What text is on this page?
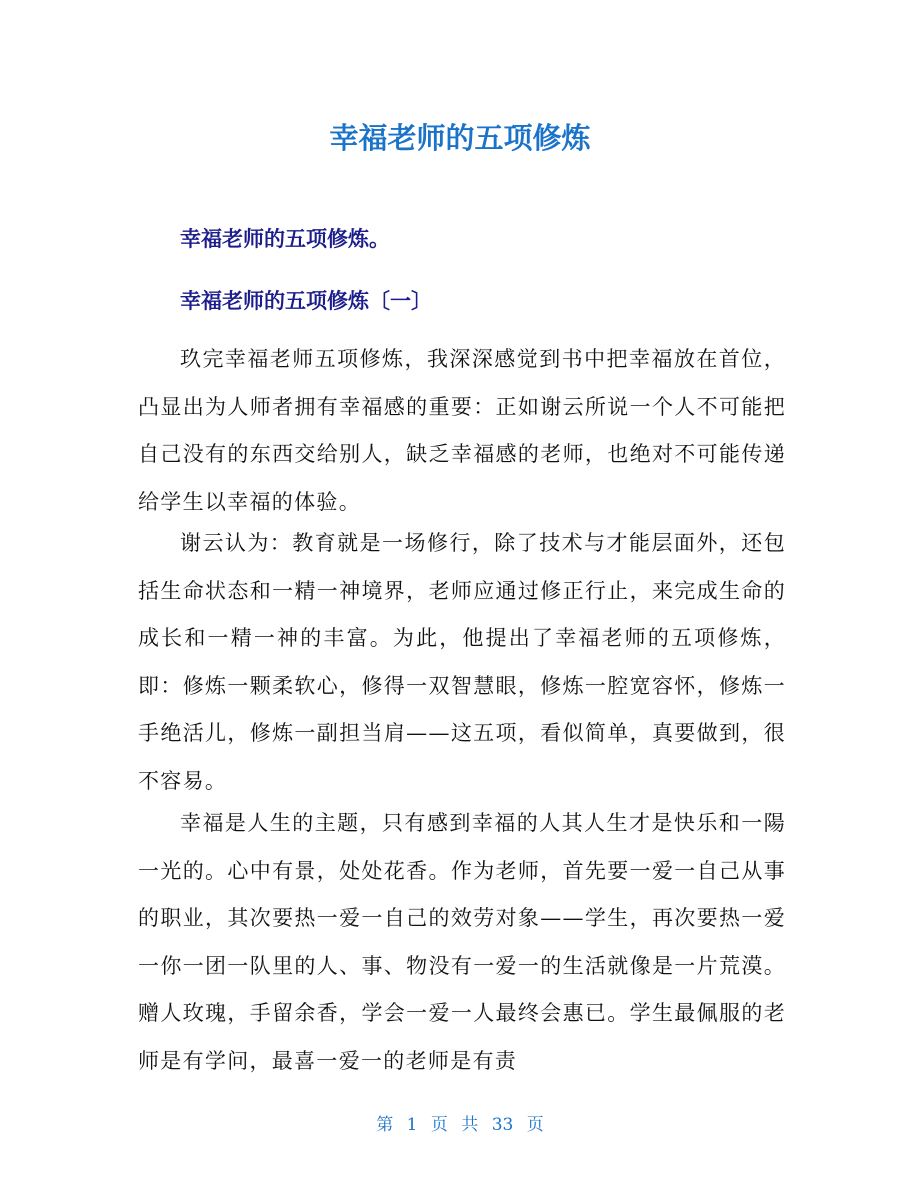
幸福老师的五项修炼
幸福老师的五项修炼。
幸福老师的五项修炼〔一〕

玖完幸福老师五项修炼，我深深感觉到书中把幸福放在首位，凸显出为人师者拥有幸福感的重要：正如谢云所说一个人不可能把自己没有的东西交给别人，缺乏幸福感的老师，也绝对不可能传递给学生以幸福的体验。

谢云认为：教育就是一场修行，除了技术与才能层面外，还包括生命状态和一精一神境界，老师应通过修正行止，来完成生命的成长和一精一神的丰富。为此，他提出了幸福老师的五项修炼，即：修炼一颗柔软心，修得一双智慧眼，修炼一腔宽容怀，修炼一手绝活儿，修炼一副担当肩——这五项，看似简单，真要做到，很不容易。

幸福是人生的主题，只有感到幸福的人其人生才是快乐和一陽一光的。心中有景，处处花香。作为老师，首先要一爱一自己从事的职业，其次要热一爱一自己的效劳对象——学生，再次要热一爱一你一团一队里的人、事、物没有一爱一的生活就像是一片荒漠。赠人玫瑰，手留余香，学会一爱一人最终会惠已。学生最佩服的老师是有学问，最喜一爱一的老师是有责

第 1 页 共 33 页
